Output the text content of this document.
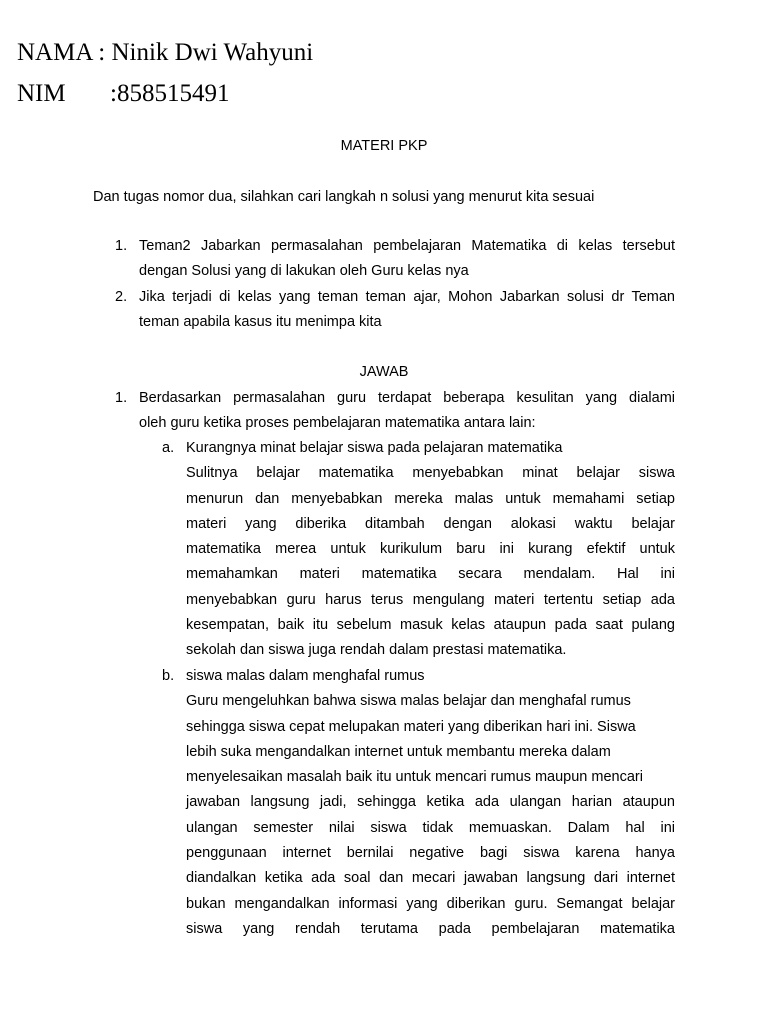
NAMA : Ninik Dwi Wahyuni
NIM :858515491
MATERI PKP
Dan tugas nomor dua, silahkan cari langkah n solusi yang menurut kita sesuai
1. Teman2 Jabarkan permasalahan pembelajaran Matematika di kelas tersebut
dengan Solusi yang di lakukan oleh Guru kelas nya
2. Jika terjadi di kelas yang teman teman ajar, Mohon Jabarkan solusi dr Teman
teman apabila kasus itu menimpa kita
JAWAB
1. Berdasarkan permasalahan guru terdapat beberapa kesulitan yang dialami
oleh guru ketika proses pembelajaran matematika antara lain:
a. Kurangnya minat belajar siswa pada pelajaran matematika
Sulitnya belajar matematika menyebabkan minat belajar siswa
menurun dan menyebabkan mereka malas untuk memahami setiap
materi yang diberika ditambah dengan alokasi waktu belajar
matematika merea untuk kurikulum baru ini kurang efektif untuk
memahamkan materi matematika secara mendalam. Hal ini
menyebabkan guru harus terus mengulang materi tertentu setiap ada
kesempatan, baik itu sebelum masuk kelas ataupun pada saat pulang
sekolah dan siswa juga rendah dalam prestasi matematika.
b. siswa malas dalam menghafal rumus
Guru mengeluhkan bahwa siswa malas belajar dan menghafal rumus
sehingga siswa cepat melupakan materi yang diberikan hari ini. Siswa
lebih suka mengandalkan internet untuk membantu mereka dalam
menyelesaikan masalah baik itu untuk mencari rumus maupun mencari
jawaban langsung jadi, sehingga ketika ada ulangan harian ataupun
ulangan semester nilai siswa tidak memuaskan. Dalam hal ini
penggunaan internet bernilai negative bagi siswa karena hanya
diandalkan ketika ada soal dan mecari jawaban langsung dari internet
bukan mengandalkan informasi yang diberikan guru. Semangat belajar
siswa yang rendah terutama pada pembelajaran matematika
